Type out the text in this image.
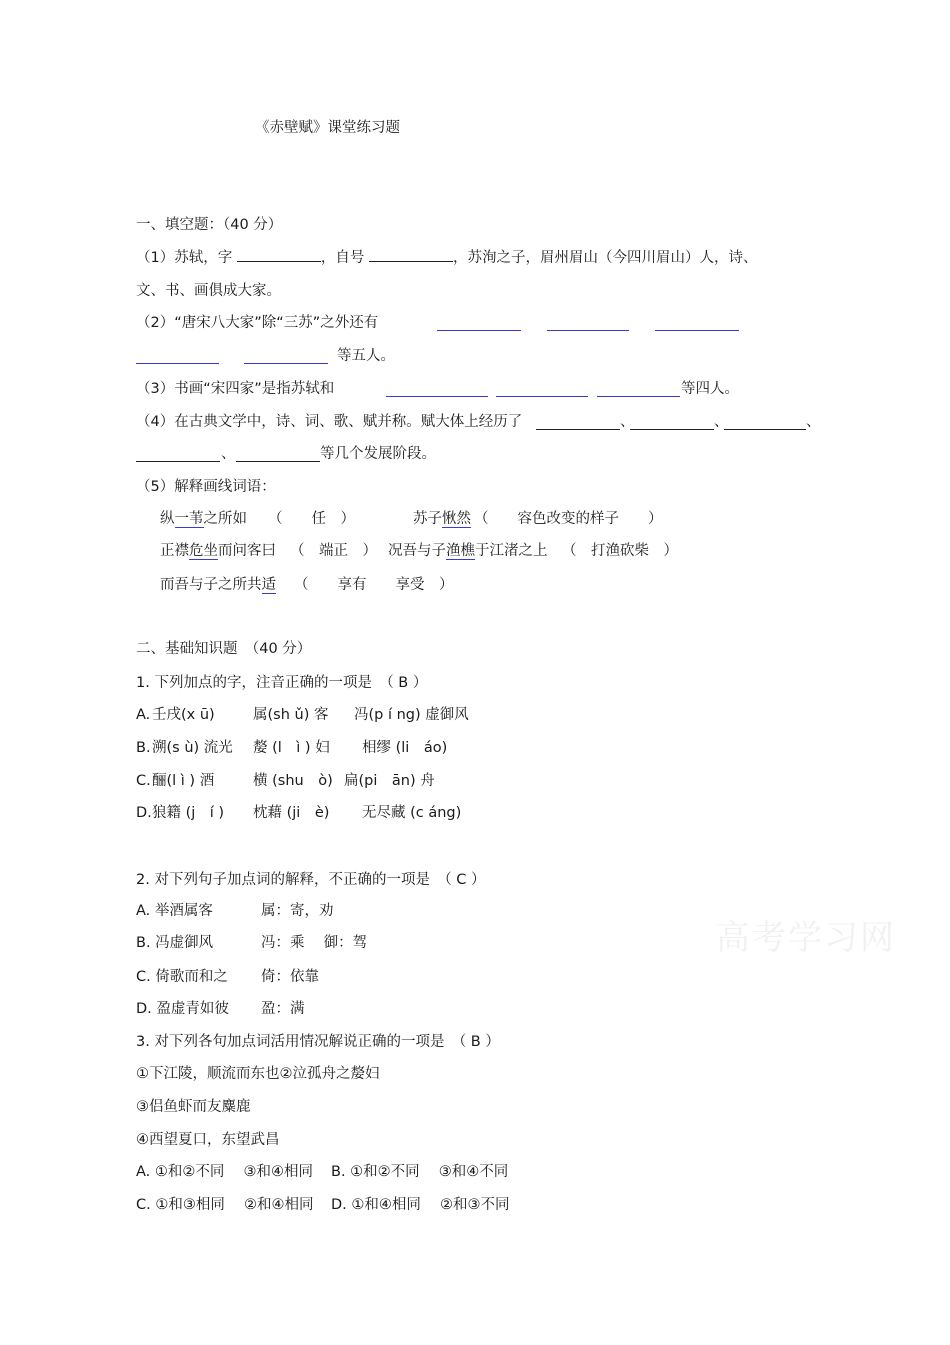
《赤壁赋》课堂练习题
一、填空题：（40 分）
（1）苏轼，字	，自号	，苏洵之子，眉州眉山（今四川眉山）人，诗、
文、书、画俱成大家。
（2）“唐宋八大家”除“三苏”之外还有
等五人。
（3）书画“宋四家”是指苏轼和	等四人。
（4）在古典文学中，诗、词、歌、赋并称。赋大体上经历了	、	、	、
、	等几个发展阶段。
（5）解释画线词语：
纵一苇之所如 （　　任　）	苏子愀然 （　　容色改变的样子　　）
正襟危坐而问客曰 （　端正　） 况吾与子渔樵于江渚之上 （　打渔砍柴　）
而吾与子之所共适 （　　享有　　享受　）
二、基础知识题　（40 分）
1. 下列加点的字，注音正确的一项是　（ B ）
A. 壬戌(x ū)	属(sh ǔ) 客 冯(p í ng) 虚御风
B. 溯(s ù) 流光 嫠 (l　ì ) 妇 相缪 (li　áo)
C. 酾(l ì ) 酒	横 (shu　ò) 扁(pi　ān) 舟
D. 狼籍 (j　í ) 枕藉 (ji　è) 无尽藏 (c áng)
2. 对下列句子加点词的解释，不正确的一项是　（ C ）
A. 举酒属客	属：寄，劝
B. 冯虚御风	冯：乘　 御：驾
C. 倚歌而和之 倚：依靠
D. 盈虚青如彼 盈：满
3. 对下列各句加点词活用情况解说正确的一项是　（ B ）
①下江陵，顺流而东也②泣孤舟之嫠妇
③侣鱼虾而友麋鹿
④西望夏口，东望武昌
A. ①和②不同　 ③和④相同 B. ①和②不同　 ③和④不同
C. ①和③相同　 ②和④相同 D. ①和④相同　 ②和③不同
高考学习网
